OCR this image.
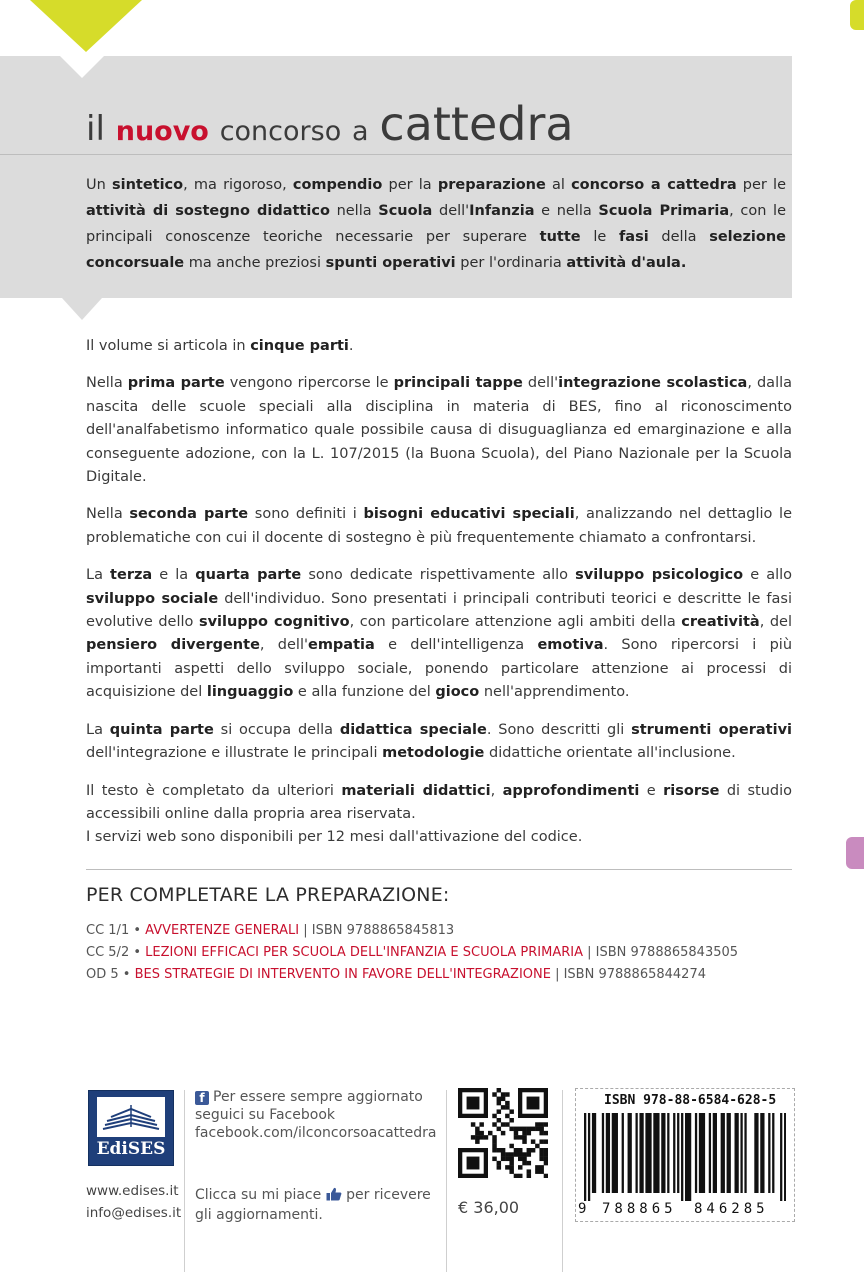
il nuovo concorso a cattedra

Un sintetico, ma rigoroso, compendio per la preparazione al concorso a cattedra per le attività di sostegno didattico nella Scuola dell'Infanzia e nella Scuola Primaria, con le principali conoscenze teoriche necessarie per superare tutte le fasi della selezione concorsuale ma anche preziosi spunti operativi per l'ordinaria attività d'aula.

Il volume si articola in cinque parti.

Nella prima parte vengono ripercorse le principali tappe dell'integrazione scolastica, dalla nascita delle scuole speciali alla disciplina in materia di BES, fino al riconoscimento dell'analfabetismo informatico quale possibile causa di disuguaglianza ed emarginazione e alla conseguente adozione, con la L. 107/2015 (la Buona Scuola), del Piano Nazionale per la Scuola Digitale.

Nella seconda parte sono definiti i bisogni educativi speciali, analizzando nel dettaglio le problematiche con cui il docente di sostegno è più frequentemente chiamato a confrontarsi.

La terza e la quarta parte sono dedicate rispettivamente allo sviluppo psicologico e allo sviluppo sociale dell'individuo. Sono presentati i principali contributi teorici e descritte le fasi evolutive dello sviluppo cognitivo, con particolare attenzione agli ambiti della creatività, del pensiero divergente, dell'empatia e dell'intelligenza emotiva. Sono ripercorsi i più importanti aspetti dello sviluppo sociale, ponendo particolare attenzione ai processi di acquisizione del linguaggio e alla funzione del gioco nell'apprendimento.

La quinta parte si occupa della didattica speciale. Sono descritti gli strumenti operativi dell'integrazione e illustrate le principali metodologie didattiche orientate all'inclusione.

Il testo è completato da ulteriori materiali didattici, approfondimenti e risorse di studio accessibili online dalla propria area riservata.
I servizi web sono disponibili per 12 mesi dall'attivazione del codice.

PER COMPLETARE LA PREPARAZIONE:
CC 1/1 • AVVERTENZE GENERALI | ISBN 9788865845813
CC 5/2 • LEZIONI EFFICACI PER SCUOLA DELL'INFANZIA E SCUOLA PRIMARIA | ISBN 9788865843505
OD 5 • BES STRATEGIE DI INTERVENTO IN FAVORE DELL'INTEGRAZIONE | ISBN 9788865844274
EdiSES
www.edises.it
info@edises.it
f Per essere sempre aggiornato
seguici su Facebook
facebook.com/ilconcorsoacattedra
Clicca su mi piace per ricevere gli aggiornamenti.	€ 36,00
ISBN 978-88-6584-628-5
9 788865 846285
